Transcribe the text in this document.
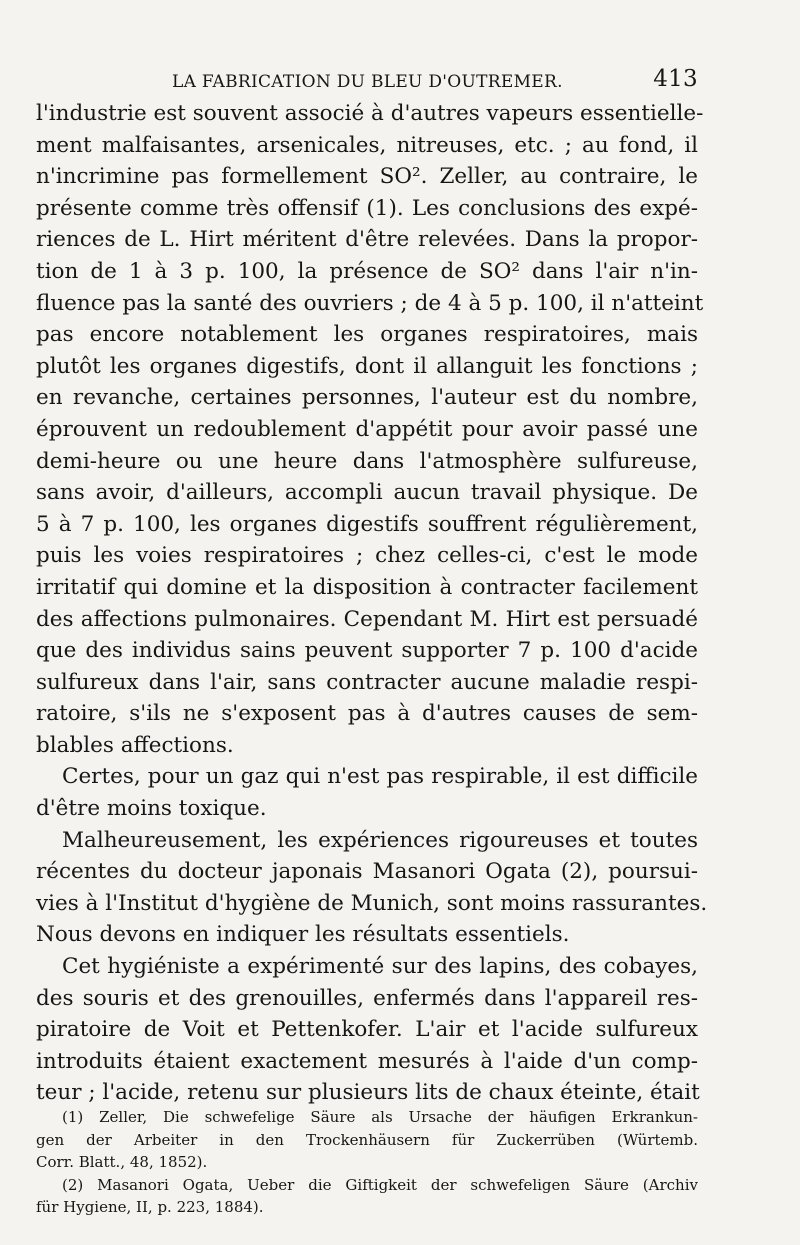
LA FABRICATION DU BLEU D'OUTREMER.	413
l'industrie est souvent associé à d'autres vapeurs essentielle-
ment malfaisantes, arsenicales, nitreuses, etc. ; au fond, il
n'incrimine pas formellement SO². Zeller, au contraire, le
présente comme très offensif (1). Les conclusions des expé-
riences de L. Hirt méritent d'être relevées. Dans la propor-
tion de 1 à 3 p. 100, la présence de SO² dans l'air n'in-
fluence pas la santé des ouvriers ; de 4 à 5 p. 100, il n'atteint
pas encore notablement les organes respiratoires, mais
plutôt les organes digestifs, dont il allanguit les fonctions ;
en revanche, certaines personnes, l'auteur est du nombre,
éprouvent un redoublement d'appétit pour avoir passé une
demi-heure ou une heure dans l'atmosphère sulfureuse,
sans avoir, d'ailleurs, accompli aucun travail physique. De
5 à 7 p. 100, les organes digestifs souffrent régulièrement,
puis les voies respiratoires ; chez celles-ci, c'est le mode
irritatif qui domine et la disposition à contracter facilement
des affections pulmonaires. Cependant M. Hirt est persuadé
que des individus sains peuvent supporter 7 p. 100 d'acide
sulfureux dans l'air, sans contracter aucune maladie respi-
ratoire, s'ils ne s'exposent pas à d'autres causes de sem-
blables affections.
Certes, pour un gaz qui n'est pas respirable, il est difficile
d'être moins toxique.
Malheureusement, les expériences rigoureuses et toutes
récentes du docteur japonais Masanori Ogata (2), poursui-
vies à l'Institut d'hygiène de Munich, sont moins rassurantes.
Nous devons en indiquer les résultats essentiels.
Cet hygiéniste a expérimenté sur des lapins, des cobayes,
des souris et des grenouilles, enfermés dans l'appareil res-
piratoire de Voit et Pettenkofer. L'air et l'acide sulfureux
introduits étaient exactement mesurés à l'aide d'un comp-
teur ; l'acide, retenu sur plusieurs lits de chaux éteinte, était
(1) Zeller, Die schwefelige Säure als Ursache der häufigen Erkrankun-
gen der Arbeiter in den Trockenhäusern für Zuckerrüben (Würtemb.
Corr. Blatt., 48, 1852).
(2) Masanori Ogata, Ueber die Giftigkeit der schwefeligen Säure (Archiv
für Hygiene, II, p. 223, 1884).
